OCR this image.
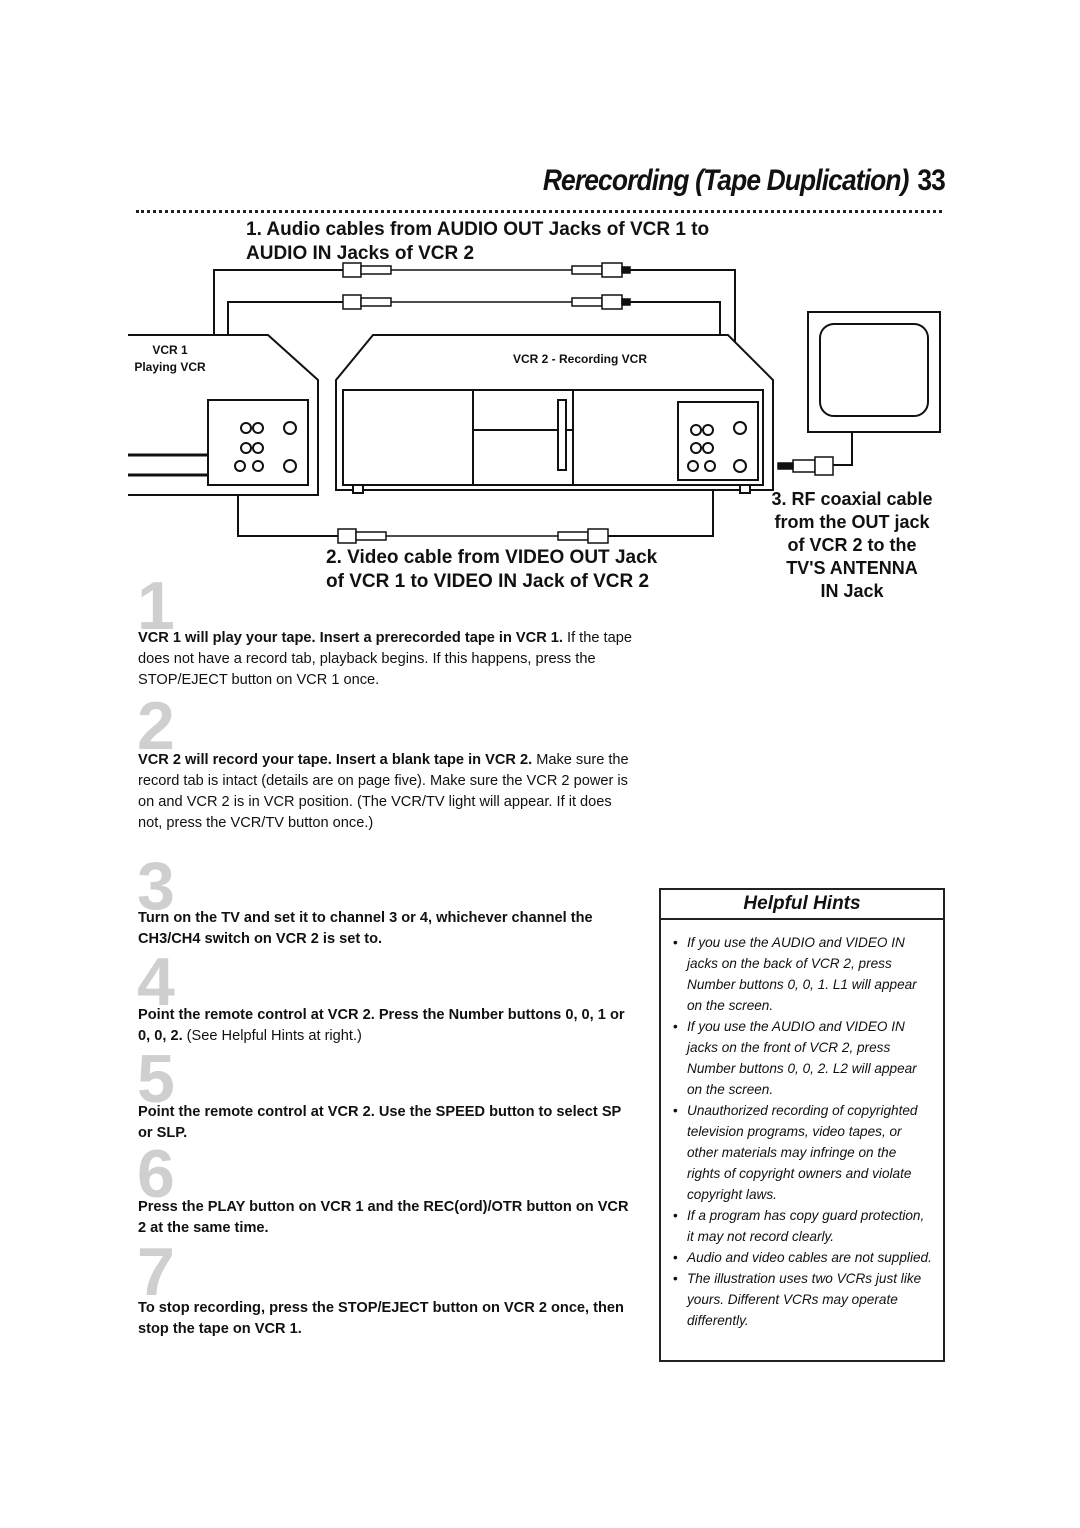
Rerecording (Tape Duplication) 33
VCR 1
Playing VCR
VCR 2 - Recording VCR
1. Audio cables from AUDIO OUT Jacks of VCR 1 to
AUDIO IN Jacks of VCR 2
2. Video cable from VIDEO OUT Jack
of VCR 1 to VIDEO IN Jack of VCR 2
3. RF coaxial cable
from the OUT jack
of VCR 2 to the
TV'S ANTENNA
IN Jack
1
VCR 1 will play your tape. Insert a prerecorded tape in VCR 1. If the tape does not have a record tab, playback begins. If this happens, press the STOP/EJECT button on VCR 1 once.
2
VCR 2 will record your tape. Insert a blank tape in VCR 2. Make sure the record tab is intact (details are on page five). Make sure the VCR 2 power is on and VCR 2 is in VCR position. (The VCR/TV light will appear. If it does not, press the VCR/TV button once.)
3
Turn on the TV and set it to channel 3 or 4, whichever channel the CH3/CH4 switch on VCR 2 is set to.
4
Point the remote control at VCR 2. Press the Number buttons 0, 0, 1 or 0, 0, 2. (See Helpful Hints at right.)
5
Point the remote control at VCR 2. Use the SPEED button to select SP or SLP.
6
Press the PLAY button on VCR 1 and the REC(ord)/OTR button on VCR 2 at the same time.
7
To stop recording, press the STOP/EJECT button on VCR 2 once, then stop the tape on VCR 1.
Helpful Hints
• If you use the AUDIO and VIDEO IN jacks on the back of VCR 2, press Number buttons 0, 0, 1. L1 will appear on the screen.
• If you use the AUDIO and VIDEO IN jacks on the front of VCR 2, press Number buttons 0, 0, 2. L2 will appear on the screen.
• Unauthorized recording of copyrighted television programs, video tapes, or other materials may infringe on the rights of copyright owners and violate copyright laws.
• If a program has copy guard protection, it may not record clearly.
• Audio and video cables are not supplied.
• The illustration uses two VCRs just like yours. Different VCRs may operate differently.
